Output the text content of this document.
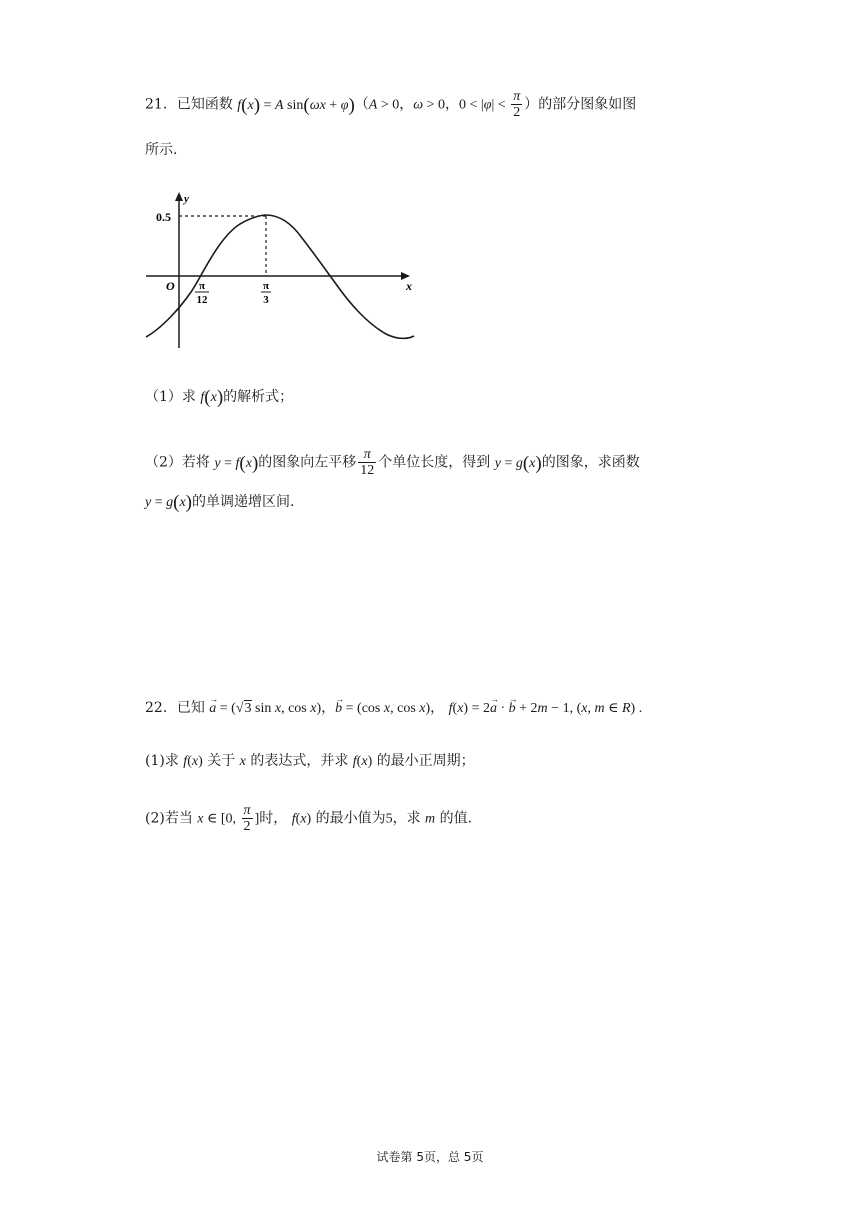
21．已知函数 f(x) = A sin(ωx + φ)（A > 0，ω > 0，$0 < |\varphi| < \frac{\pi}{2}$ ）的部分图象如图
所示.
y
x
O
0.5
π
12
π
3
（1）求 f(x)的解析式；
（2）若将 y = f(x)的图象向左平移 $\frac{\pi}{12}$ 个单位长度，得到 y = g(x)的图象，求函数
y = g(x)的单调递增区间.
22．已知 → a = (√3 sin x, cos x)，→ b = (cos x, cos x)， f(x) = 2→ a · → b + 2m − 1, (x, m ∈ R) .
(1)求 f(x) 关于 x 的表达式，并求 f(x) 的最小正周期；
(2)若当 x ∈ [0, $\frac{\pi}{2}$ ]时， f(x) 的最小值为5，求 m 的值.
试卷第 5页，总 5页
